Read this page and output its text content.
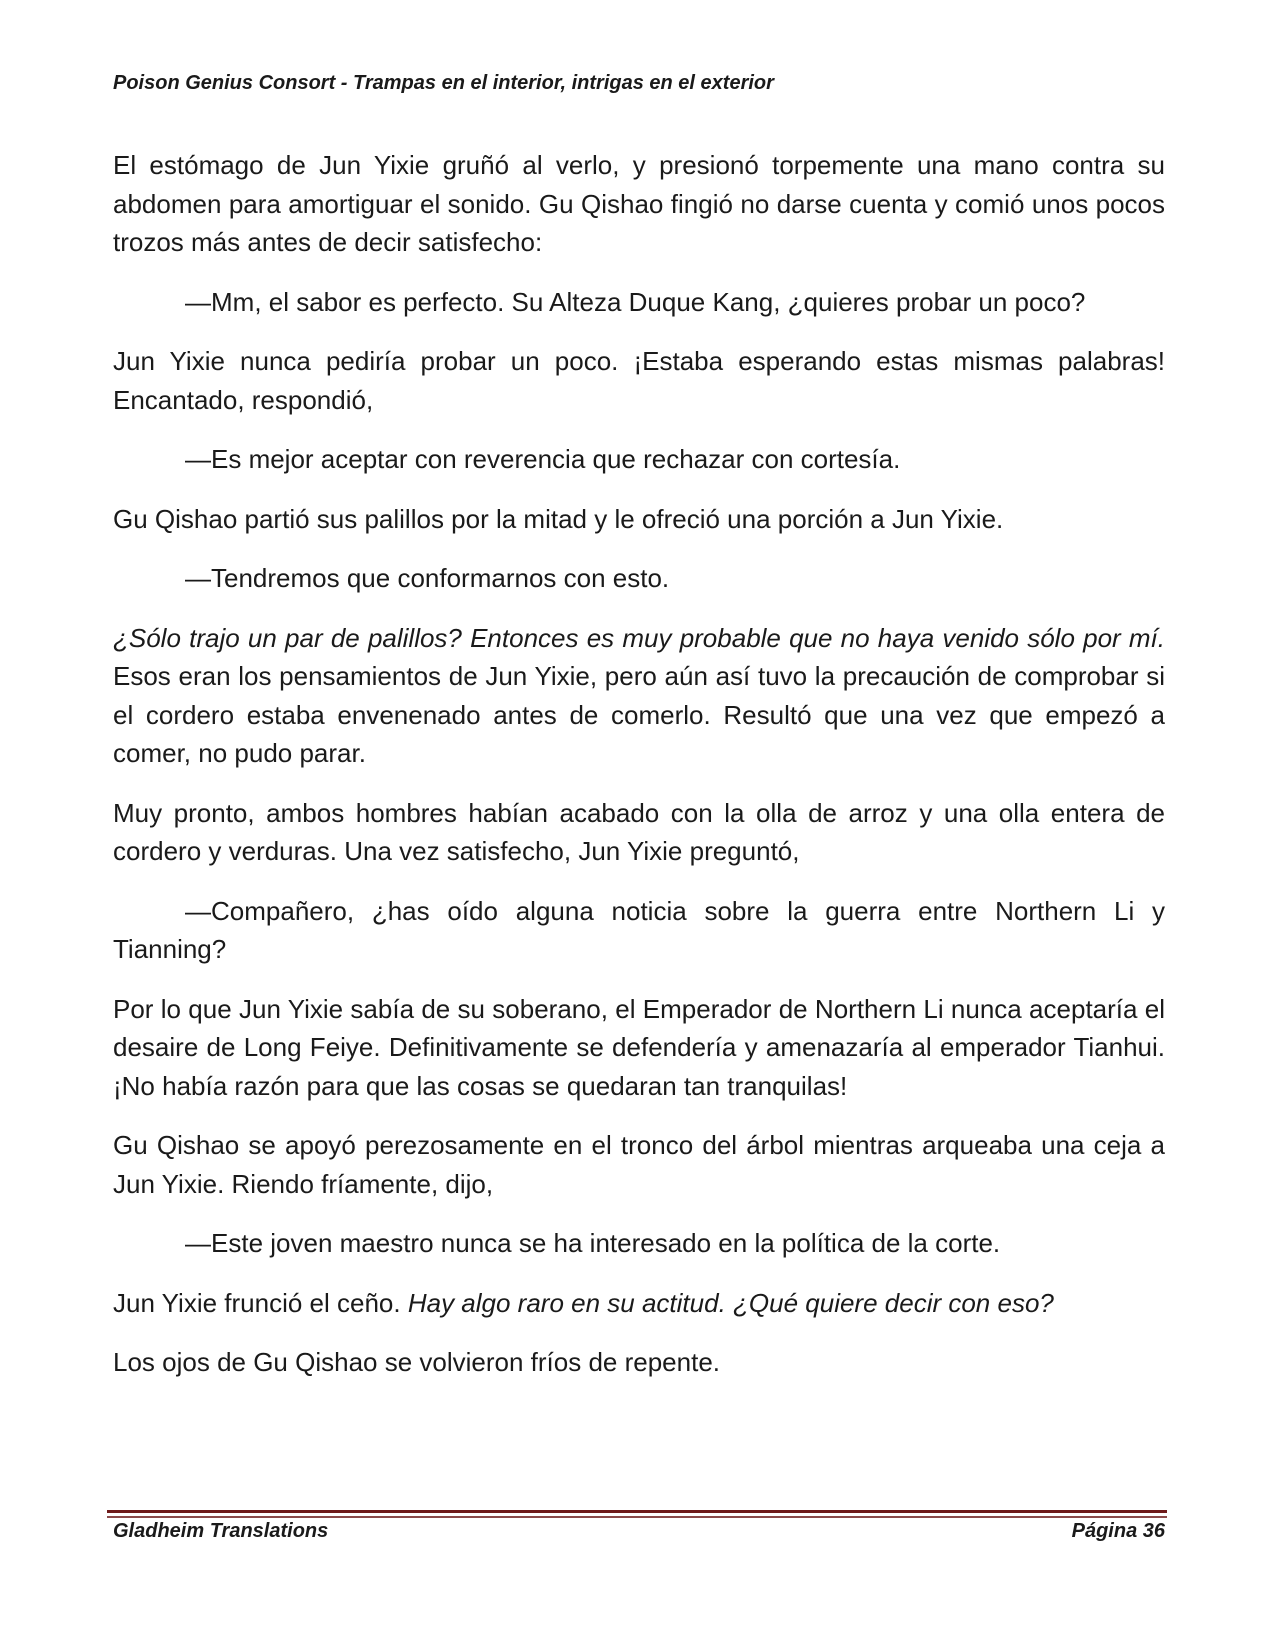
Poison Genius Consort - Trampas en el interior, intrigas en el exterior

El estómago de Jun Yixie gruñó al verlo, y presionó torpemente una mano contra su abdomen para amortiguar el sonido. Gu Qishao fingió no darse cuenta y comió unos pocos trozos más antes de decir satisfecho:

—Mm, el sabor es perfecto. Su Alteza Duque Kang, ¿quieres probar un poco?

Jun Yixie nunca pediría probar un poco. ¡Estaba esperando estas mismas palabras! Encantado, respondió,

—Es mejor aceptar con reverencia que rechazar con cortesía.

Gu Qishao partió sus palillos por la mitad y le ofreció una porción a Jun Yixie.

—Tendremos que conformarnos con esto.

¿Sólo trajo un par de palillos? Entonces es muy probable que no haya venido sólo por mí. Esos eran los pensamientos de Jun Yixie, pero aún así tuvo la precaución de comprobar si el cordero estaba envenenado antes de comerlo. Resultó que una vez que empezó a comer, no pudo parar.

Muy pronto, ambos hombres habían acabado con la olla de arroz y una olla entera de cordero y verduras. Una vez satisfecho, Jun Yixie preguntó,

—Compañero, ¿has oído alguna noticia sobre la guerra entre Northern Li y Tianning?

Por lo que Jun Yixie sabía de su soberano, el Emperador de Northern Li nunca aceptaría el desaire de Long Feiye. Definitivamente se defendería y amenazaría al emperador Tianhui. ¡No había razón para que las cosas se quedaran tan tranquilas!

Gu Qishao se apoyó perezosamente en el tronco del árbol mientras arqueaba una ceja a Jun Yixie. Riendo fríamente, dijo,

—Este joven maestro nunca se ha interesado en la política de la corte.

Jun Yixie frunció el ceño. Hay algo raro en su actitud. ¿Qué quiere decir con eso?

Los ojos de Gu Qishao se volvieron fríos de repente.

Gladheim Translations	Página 36
